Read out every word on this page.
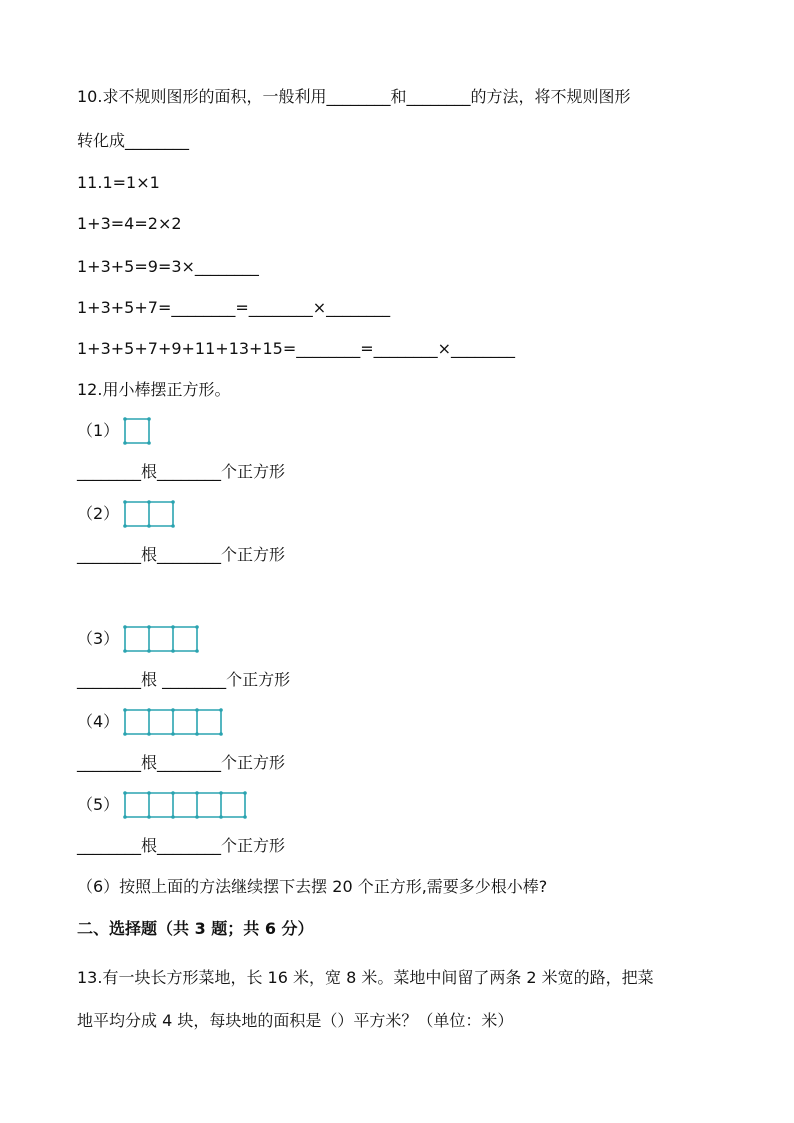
10.求不规则图形的面积，一般利用________和________的方法，将不规则图形
转化成________
11.1=1×1
1+3=4=2×2
1+3+5=9=3×________
1+3+5+7=________=________×________
1+3+5+7+9+11+13+15=________=________×________
12.用小棒摆正方形。
（1）
________根________个正方形
（2）
________根________个正方形
（3）
________根 ________个正方形
（4）
________根________个正方形
（5）
________根________个正方形
（6）按照上面的方法继续摆下去摆 20 个正方形,需要多少根小棒?
二、选择题（共 3 题；共 6 分）
13.有一块长方形菜地，长 16 米，宽 8 米。菜地中间留了两条 2 米宽的路，把菜
地平均分成 4 块，每块地的面积是（）平方米？（单位：米）
